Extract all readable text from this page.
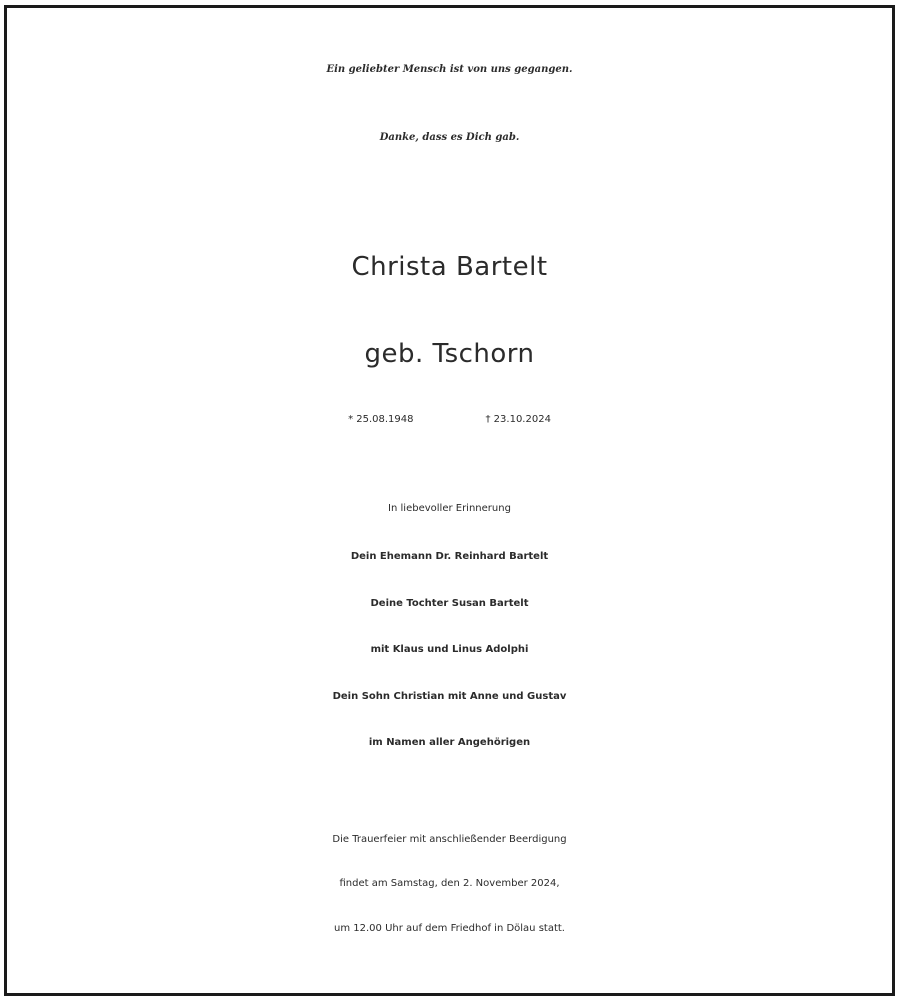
Ein geliebter Mensch ist von uns gegangen.
Danke, dass es Dich gab.
Christa Bartelt
geb. Tschorn
* 25.08.1948	† 23.10.2024
In liebevoller Erinnerung
Dein Ehemann Dr. Reinhard Bartelt
Deine Tochter Susan Bartelt
mit Klaus und Linus Adolphi
Dein Sohn Christian mit Anne und Gustav
im Namen aller Angehörigen
Die Trauerfeier mit anschließender Beerdigung
findet am Samstag, den 2. November 2024,
um 12.00 Uhr auf dem Friedhof in Dölau statt.
